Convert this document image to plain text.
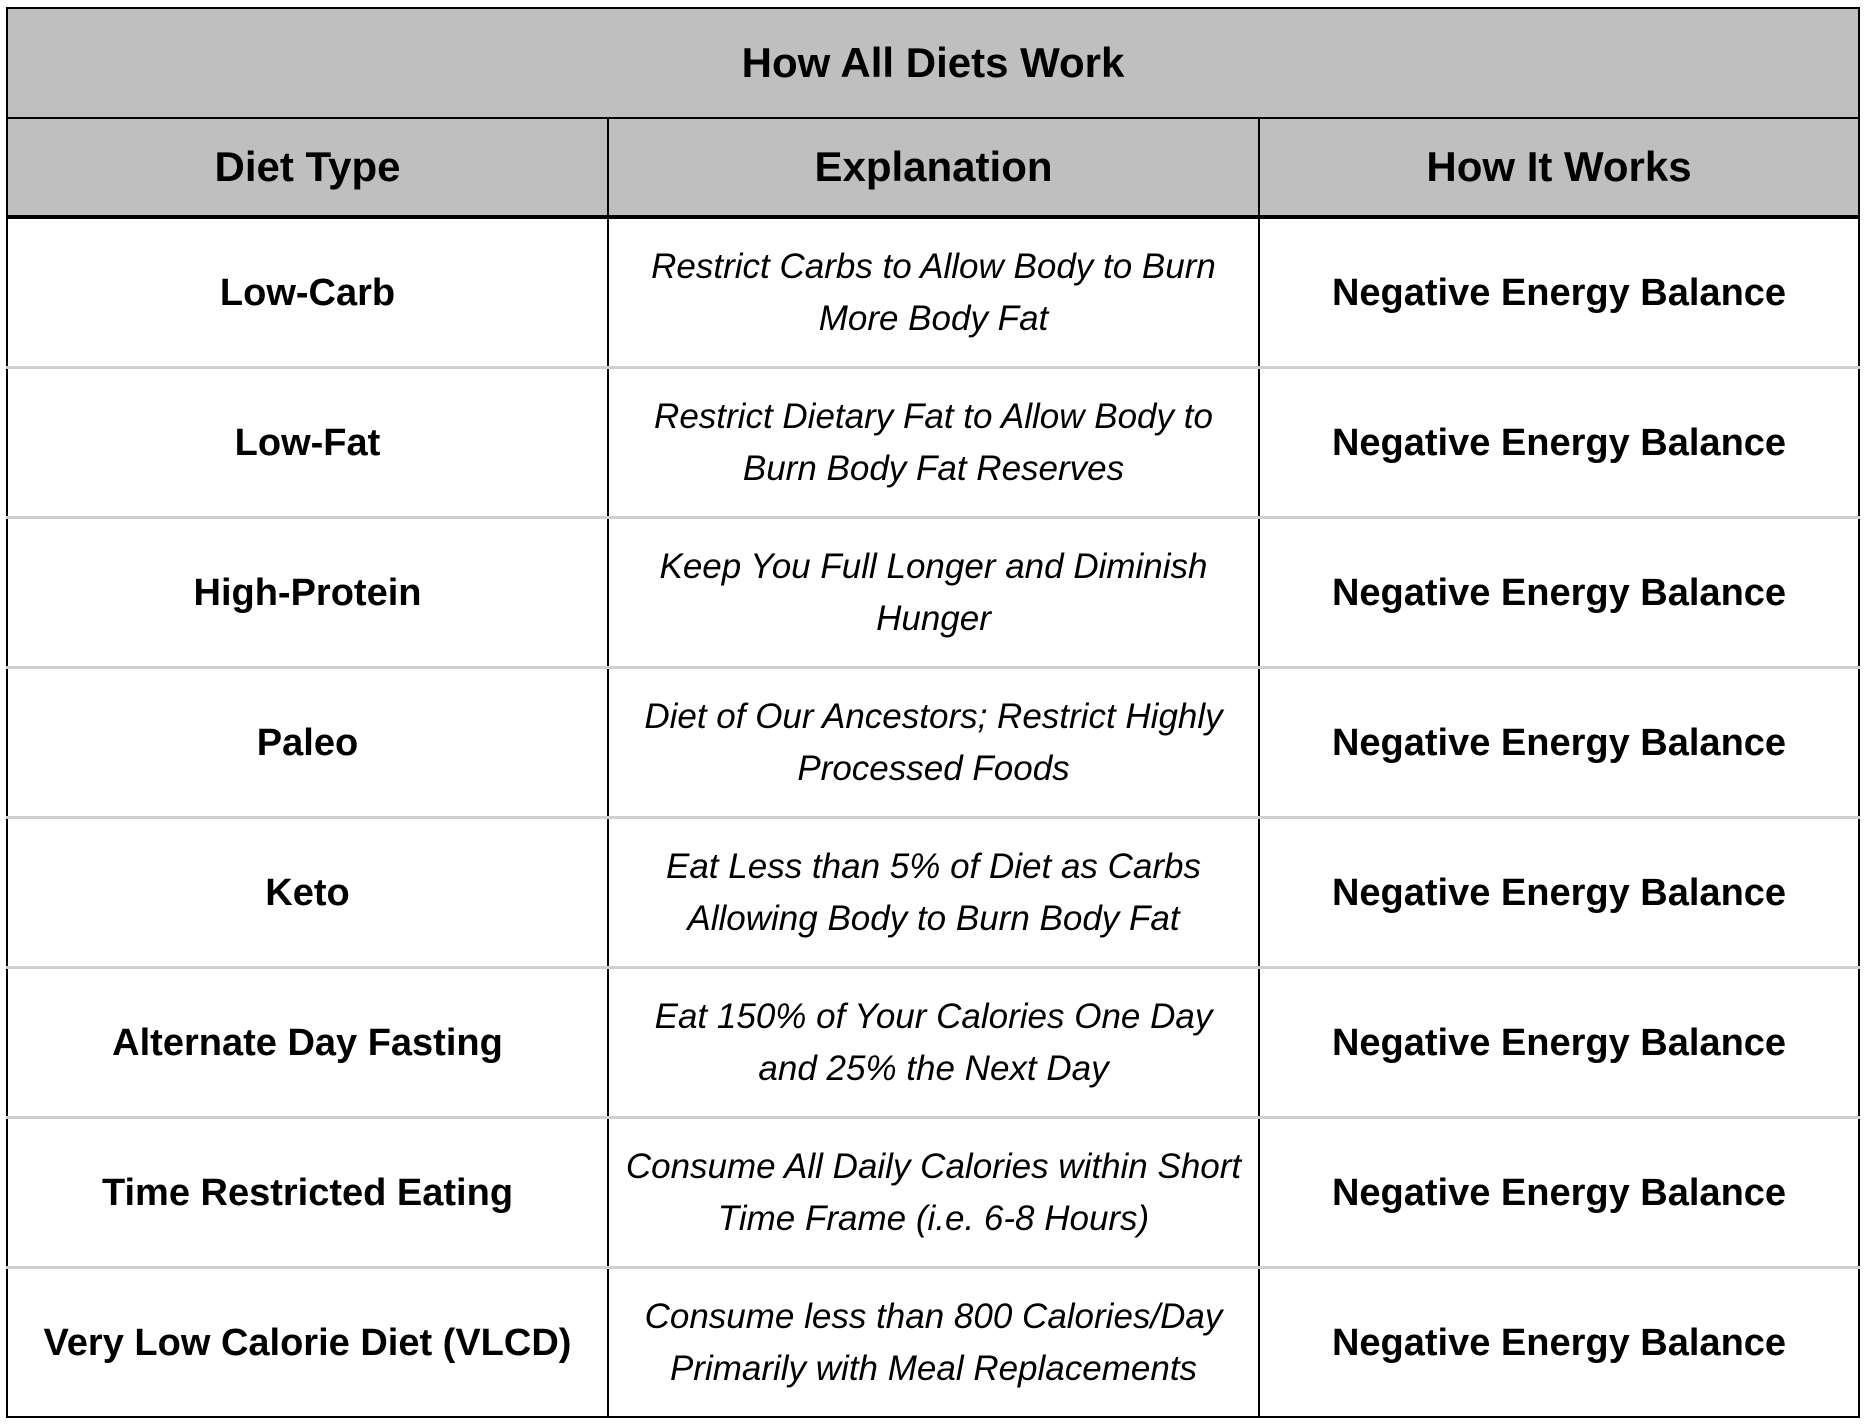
How All Diets Work		
Diet Type	Explanation	How It Works
Low-Carb	Restrict Carbs to Allow Body to Burn More Body Fat	Negative Energy Balance
Low-Fat	Restrict Dietary Fat to Allow Body to Burn Body Fat Reserves	Negative Energy Balance
High-Protein	Keep You Full Longer and Diminish Hunger	Negative Energy Balance
Paleo	Diet of Our Ancestors; Restrict Highly Processed Foods	Negative Energy Balance
Keto	Eat Less than 5% of Diet as Carbs Allowing Body to Burn Body Fat	Negative Energy Balance
Alternate Day Fasting	Eat 150% of Your Calories One Day and 25% the Next Day	Negative Energy Balance
Time Restricted Eating	Consume All Daily Calories within Short Time Frame (i.e. 6-8 Hours)	Negative Energy Balance
Very Low Calorie Diet (VLCD)	Consume less than 800 Calories/Day Primarily with Meal Replacements	Negative Energy Balance
